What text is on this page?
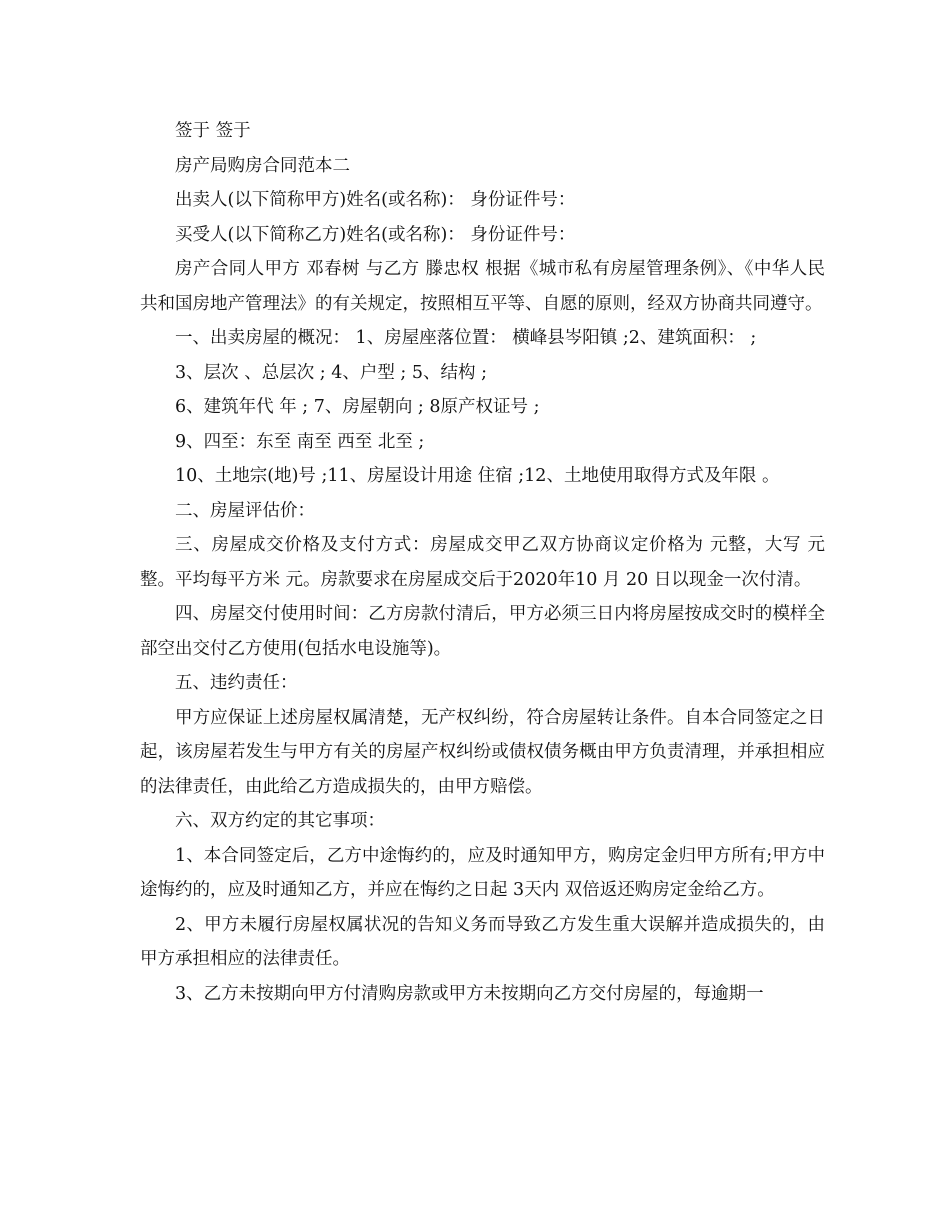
签于 签于

房产局购房合同范本二

出卖人(以下简称甲方)姓名(或名称)： 身份证件号：

买受人(以下简称乙方)姓名(或名称)： 身份证件号：

房产合同人甲方 邓春树 与乙方 滕忠权 根据《城市私有房屋管理条例》、《中华人民共和国房地产管理法》的有关规定，按照相互平等、自愿的原则，经双方协商共同遵守。

一、出卖房屋的概况： 1、房屋座落位置： 横峰县岑阳镇 ;2、建筑面积： ;

3、层次 、总层次 ; 4、户型 ; 5、结构 ;

6、建筑年代 年 ; 7、房屋朝向 ; 8原产权证号 ;

9、四至：东至 南至 西至 北至 ;

10、土地宗(地)号 ;11、房屋设计用途 住宿 ;12、土地使用取得方式及年限 。

二、房屋评估价：

三、房屋成交价格及支付方式：房屋成交甲乙双方协商议定价格为 元整，大写 元整。平均每平方米 元。房款要求在房屋成交后于2020年10 月 20 日以现金一次付清。

四、房屋交付使用时间：乙方房款付清后，甲方必须三日内将房屋按成交时的模样全部空出交付乙方使用(包括水电设施等)。

五、违约责任：

甲方应保证上述房屋权属清楚，无产权纠纷，符合房屋转让条件。自本合同签定之日起，该房屋若发生与甲方有关的房屋产权纠纷或债权债务概由甲方负责清理，并承担相应的法律责任，由此给乙方造成损失的，由甲方赔偿。

六、双方约定的其它事项：

1、本合同签定后，乙方中途悔约的，应及时通知甲方，购房定金归甲方所有;甲方中途悔约的，应及时通知乙方，并应在悔约之日起 3天内 双倍返还购房定金给乙方。

2、甲方未履行房屋权属状况的告知义务而导致乙方发生重大误解并造成损失的，由甲方承担相应的法律责任。

3、乙方未按期向甲方付清购房款或甲方未按期向乙方交付房屋的，每逾期一
